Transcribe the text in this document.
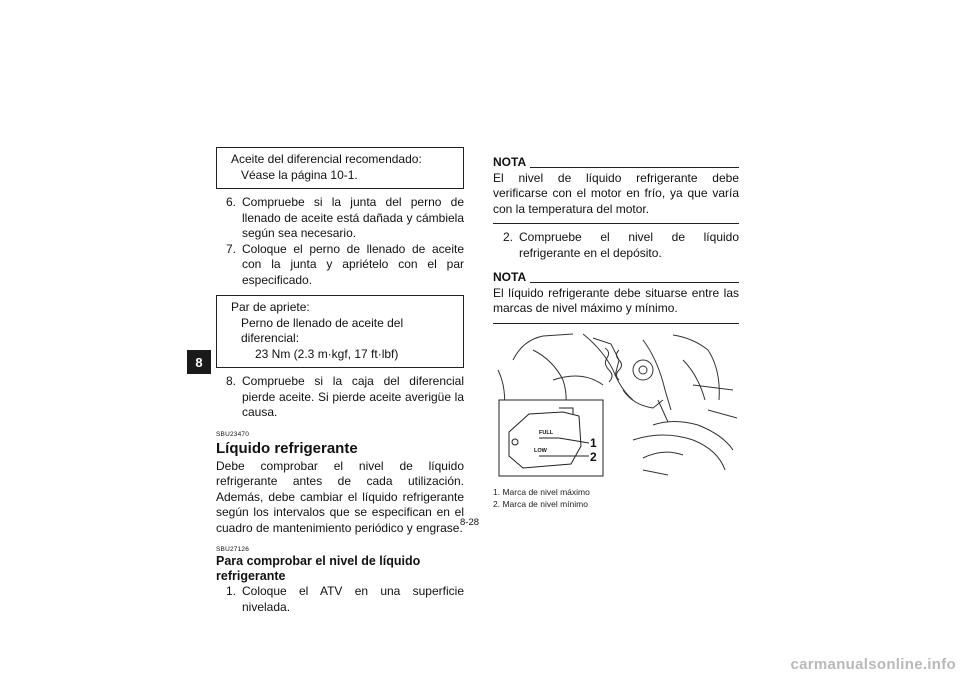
8
Aceite del diferencial recomendado:
Véase la página 10-1.
6. Compruebe si la junta del perno de llenado de aceite está dañada y cámbiela según sea necesario.
7. Coloque el perno de llenado de aceite con la junta y apriételo con el par especificado.
Par de apriete:
Perno de llenado de aceite del diferencial:
23 Nm (2.3 m·kgf, 17 ft·lbf)
8. Compruebe si la caja del diferencial pierde aceite. Si pierde aceite averigüe la causa.
SBU23470
Líquido refrigerante
Debe comprobar el nivel de líquido refrigerante antes de cada utilización. Además, debe cambiar el líquido refrigerante según los intervalos que se especifican en el cuadro de mantenimiento periódico y engrase.
SBU27126
Para comprobar el nivel de líquido refrigerante
1. Coloque el ATV en una superficie nivelada.
NOTA
El nivel de líquido refrigerante debe verificarse con el motor en frío, ya que varía con la temperatura del motor.
2. Compruebe el nivel de líquido refrigerante en el depósito.
NOTA
El líquido refrigerante debe situarse entre las marcas de nivel máximo y mínimo.
FULL
LOW
1
2
1. Marca de nivel máximo
2. Marca de nivel mínimo
8-28
carmanualsonline.info
